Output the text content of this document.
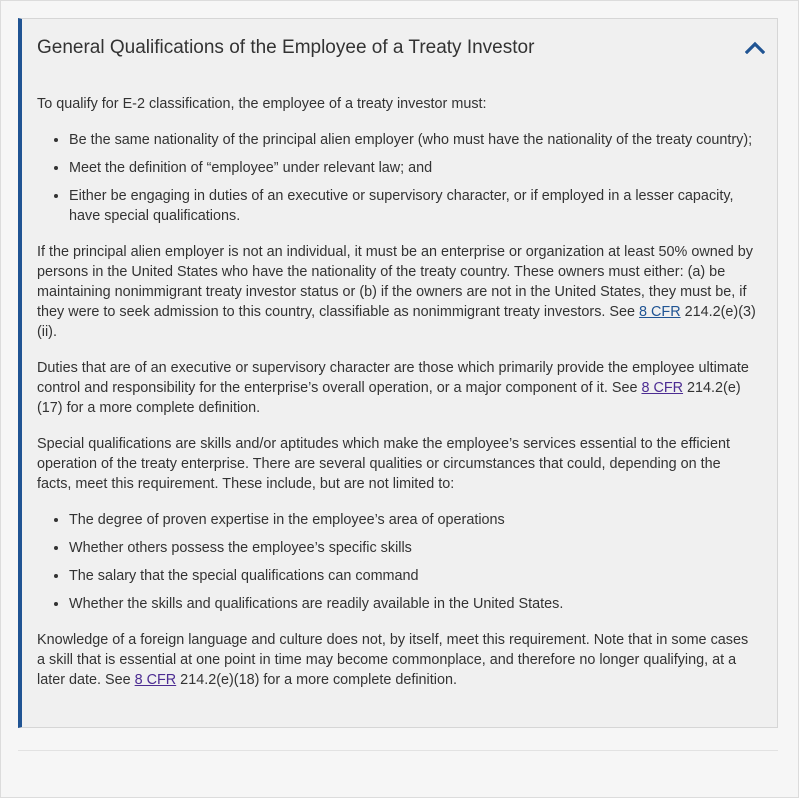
General Qualifications of the Employee of a Treaty Investor

To qualify for E-2 classification, the employee of a treaty investor must:

• Be the same nationality of the principal alien employer (who must have the nationality of the treaty country);
• Meet the definition of “employee” under relevant law; and
• Either be engaging in duties of an executive or supervisory character, or if employed in a lesser capacity, have special qualifications.

If the principal alien employer is not an individual, it must be an enterprise or organization at least 50% owned by persons in the United States who have the nationality of the treaty country. These owners must either: (a) be maintaining nonimmigrant treaty investor status or (b) if the owners are not in the United States, they must be, if they were to seek admission to this country, classifiable as nonimmigrant treaty investors. See 8 CFR 214.2(e)(3)(ii).

Duties that are of an executive or supervisory character are those which primarily provide the employee ultimate control and responsibility for the enterprise’s overall operation, or a major component of it. See 8 CFR 214.2(e)(17) for a more complete definition.

Special qualifications are skills and/or aptitudes which make the employee’s services essential to the efficient operation of the treaty enterprise. There are several qualities or circumstances that could, depending on the facts, meet this requirement. These include, but are not limited to:

• The degree of proven expertise in the employee’s area of operations
• Whether others possess the employee’s specific skills
• The salary that the special qualifications can command
• Whether the skills and qualifications are readily available in the United States.

Knowledge of a foreign language and culture does not, by itself, meet this requirement. Note that in some cases a skill that is essential at one point in time may become commonplace, and therefore no longer qualifying, at a later date. See 8 CFR 214.2(e)(18) for a more complete definition.
